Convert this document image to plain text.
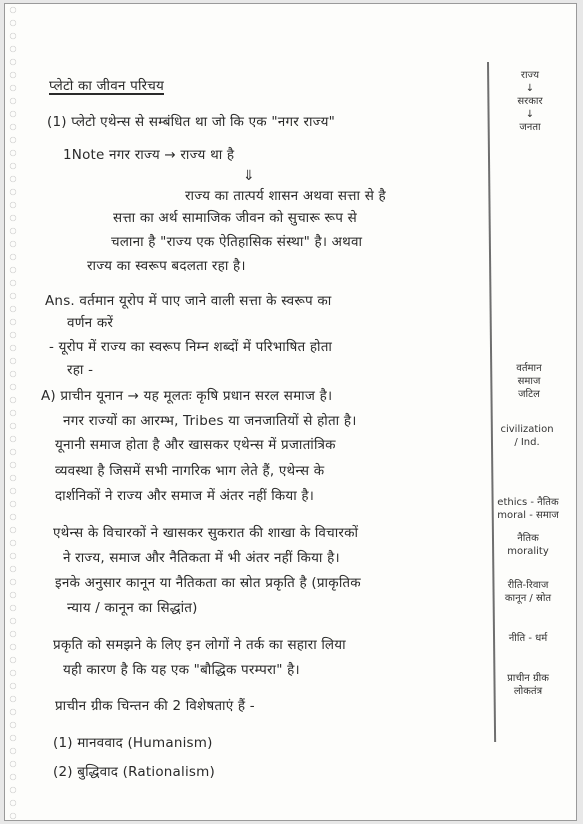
प्लेटो का जीवन परिचय
(1) प्लेटो एथेन्स से सम्बंधित था जो कि एक "नगर राज्य"
1Note नगर राज्य → राज्य था है
⇓
राज्य का तात्पर्य शासन अथवा सत्ता से है
सत्ता का अर्थ सामाजिक जीवन को सुचारू रूप से
चलाना है "राज्य एक ऐतिहासिक संस्था" है। अथवा
राज्य का स्वरूप बदलता रहा है।
Ans. वर्तमान यूरोप में पाए जाने वाली सत्ता के स्वरूप का
वर्णन करें
- यूरोप में राज्य का स्वरूप निम्न शब्दों में परिभाषित होता
रहा -
A) प्राचीन यूनान → यह मूलतः कृषि प्रधान सरल समाज है।
नगर राज्यों का आरम्भ, Tribes या जनजातियों से होता है।
यूनानी समाज होता है और खासकर एथेन्स में प्रजातांत्रिक
व्यवस्था है जिसमें सभी नागरिक भाग लेते हैं, एथेन्स के
दार्शनिकों ने राज्य और समाज में अंतर नहीं किया है।
एथेन्स के विचारकों ने खासकर सुकरात की शाखा के विचारकों
ने राज्य, समाज और नैतिकता में भी अंतर नहीं किया है।
इनके अनुसार कानून या नैतिकता का स्रोत प्रकृति है (प्राकृतिक
न्याय / कानून का सिद्धांत)
प्रकृति को समझने के लिए इन लोगों ने तर्क का सहारा लिया
यही कारण है कि यह एक "बौद्धिक परम्परा" है।
प्राचीन ग्रीक चिन्तन की 2 विशेषताएं हैं -
(1) मानववाद (Humanism)
(2) बुद्धिवाद (Rationalism)
राज्य
↓
सरकार
↓
जनता
वर्तमान
समाज
जटिल
civilization
/ Ind.
ethics - नैतिक
moral - समाज
नैतिक
morality
रीति-रिवाज
कानून / स्रोत
नीति - धर्म
प्राचीन ग्रीक
लोकतंत्र
